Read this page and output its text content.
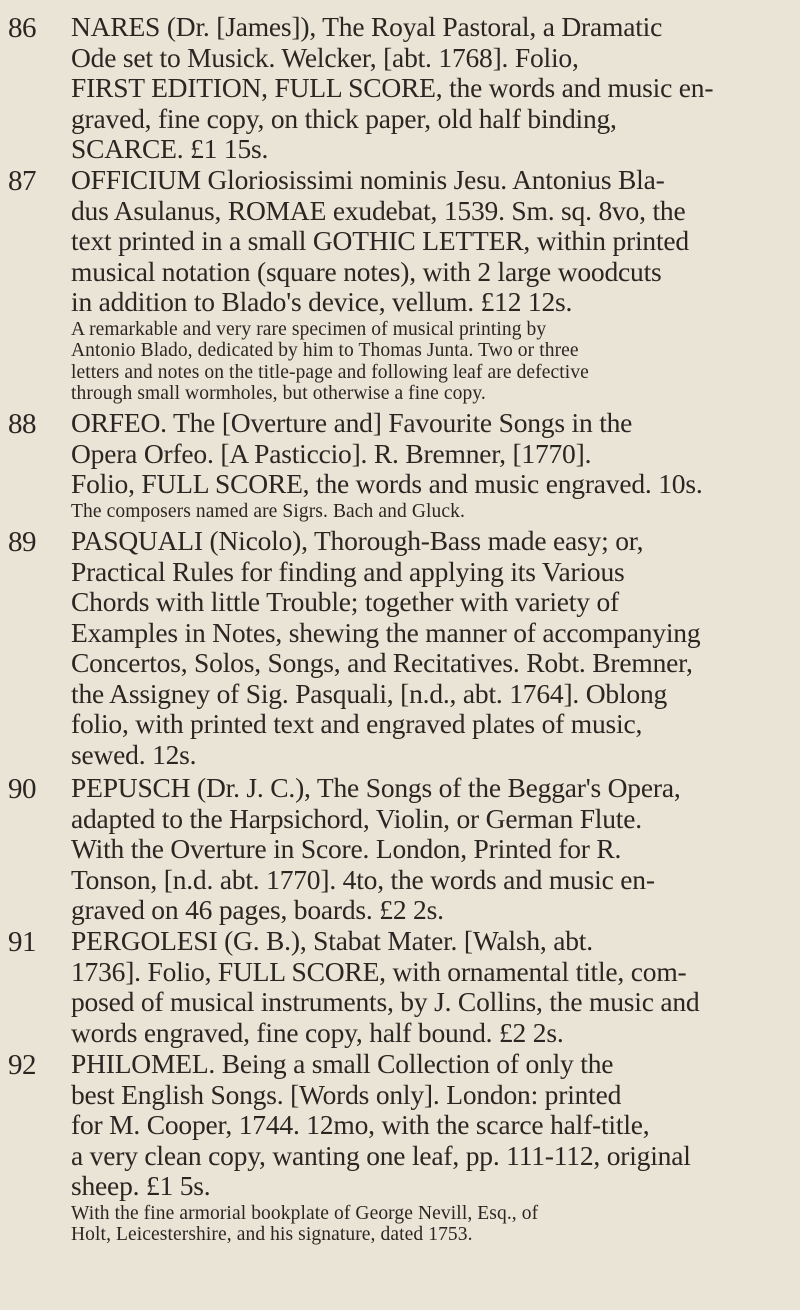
86	NARES (Dr. [James]), The Royal Pastoral, a Dramatic
Ode set to Musick. Welcker, [abt. 1768]. Folio,
FIRST EDITION, FULL SCORE, the words and music en-
graved, fine copy, on thick paper, old half binding,
SCARCE. £1 15s.
87	OFFICIUM Gloriosissimi nominis Jesu. Antonius Bla-
dus Asulanus, ROMAE exudebat, 1539. Sm. sq. 8vo, the
text printed in a small GOTHIC LETTER, within printed
musical notation (square notes), with 2 large woodcuts
in addition to Blado's device, vellum. £12 12s.
A remarkable and very rare specimen of musical printing by
Antonio Blado, dedicated by him to Thomas Junta. Two or three
letters and notes on the title-page and following leaf are defective
through small wormholes, but otherwise a fine copy.
88	ORFEO. The [Overture and] Favourite Songs in the
Opera Orfeo. [A Pasticcio]. R. Bremner, [1770].
Folio, FULL SCORE, the words and music engraved. 10s.
The composers named are Sigrs. Bach and Gluck.
89	PASQUALI (Nicolo), Thorough-Bass made easy; or,
Practical Rules for finding and applying its Various
Chords with little Trouble; together with variety of
Examples in Notes, shewing the manner of accompanying
Concertos, Solos, Songs, and Recitatives. Robt. Bremner,
the Assigney of Sig. Pasquali, [n.d., abt. 1764]. Oblong
folio, with printed text and engraved plates of music,
sewed. 12s.
90	PEPUSCH (Dr. J. C.), The Songs of the Beggar's Opera,
adapted to the Harpsichord, Violin, or German Flute.
With the Overture in Score. London, Printed for R.
Tonson, [n.d. abt. 1770]. 4to, the words and music en-
graved on 46 pages, boards. £2 2s.
91	PERGOLESI (G. B.), Stabat Mater. [Walsh, abt.
1736]. Folio, FULL SCORE, with ornamental title, com-
posed of musical instruments, by J. Collins, the music and
words engraved, fine copy, half bound. £2 2s.
92	PHILOMEL. Being a small Collection of only the
best English Songs. [Words only]. London: printed
for M. Cooper, 1744. 12mo, with the scarce half-title,
a very clean copy, wanting one leaf, pp. 111-112, original
sheep. £1 5s.
With the fine armorial bookplate of George Nevill, Esq., of
Holt, Leicestershire, and his signature, dated 1753.
